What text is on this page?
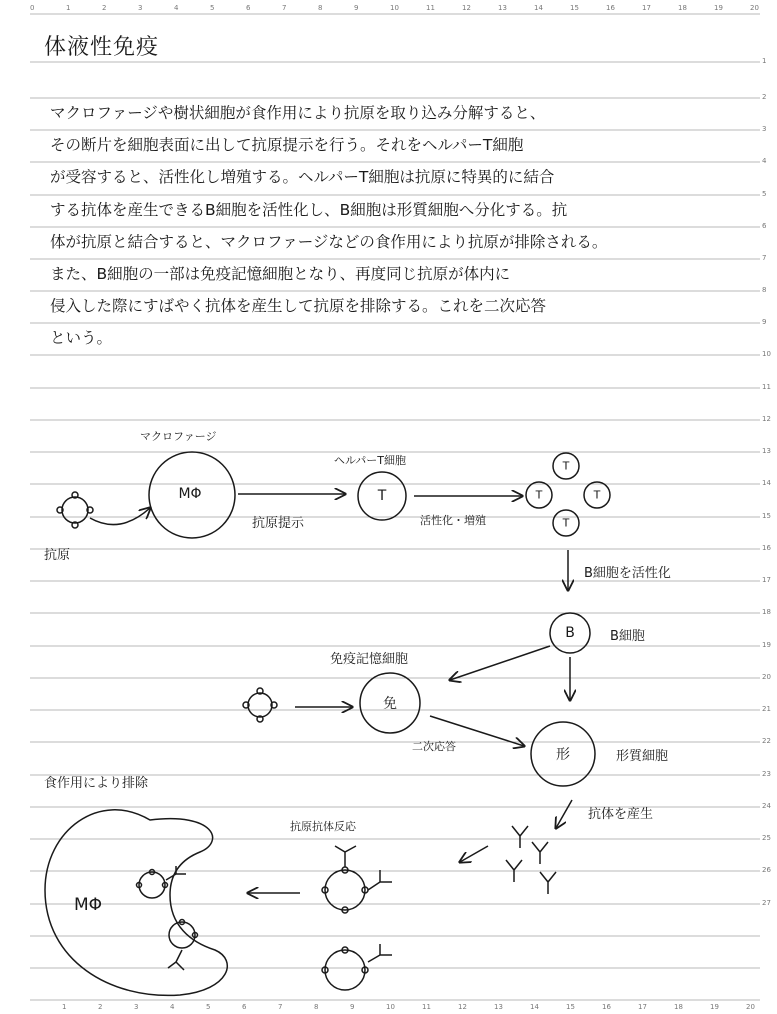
0	1	2	3	4	5	6	7	8	9	10	11	12	13	14	15	16	17	18	19	20
1	2	3	4	5	6	7	8	9	10	11	12	13	14	15	16	17	18	19	20
1
2
3
4
5
6
7
8
9
10
11
12
13
14
15
16
17
18
19
20
21
22
23
24
25
26
27
体液性免疫
マクロファージや樹状細胞が食作用により抗原を取り込み分解すると、
その断片を細胞表面に出して抗原提示を行う。それをヘルパーT細胞
が受容すると、活性化し増殖する。ヘルパーT細胞は抗原に特異的に結合
する抗体を産生できるB細胞を活性化し、B細胞は形質細胞へ分化する。抗
体が抗原と結合すると、マクロファージなどの食作用により抗原が排除される。
また、B細胞の一部は免疫記憶細胞となり、再度同じ抗原が体内に
侵入した際にすばやく抗体を産生して抗原を排除する。これを二次応答
という。
マクロファージ
MΦ
抗原
抗原提示
ヘルパーT細胞
T
活性化・増殖
T
T	T
T
B細胞を活性化
B	B細胞
免疫記憶細胞
免
二次応答
形	形質細胞
抗体を産生
抗原抗体反応
食作用により排除
MΦ
